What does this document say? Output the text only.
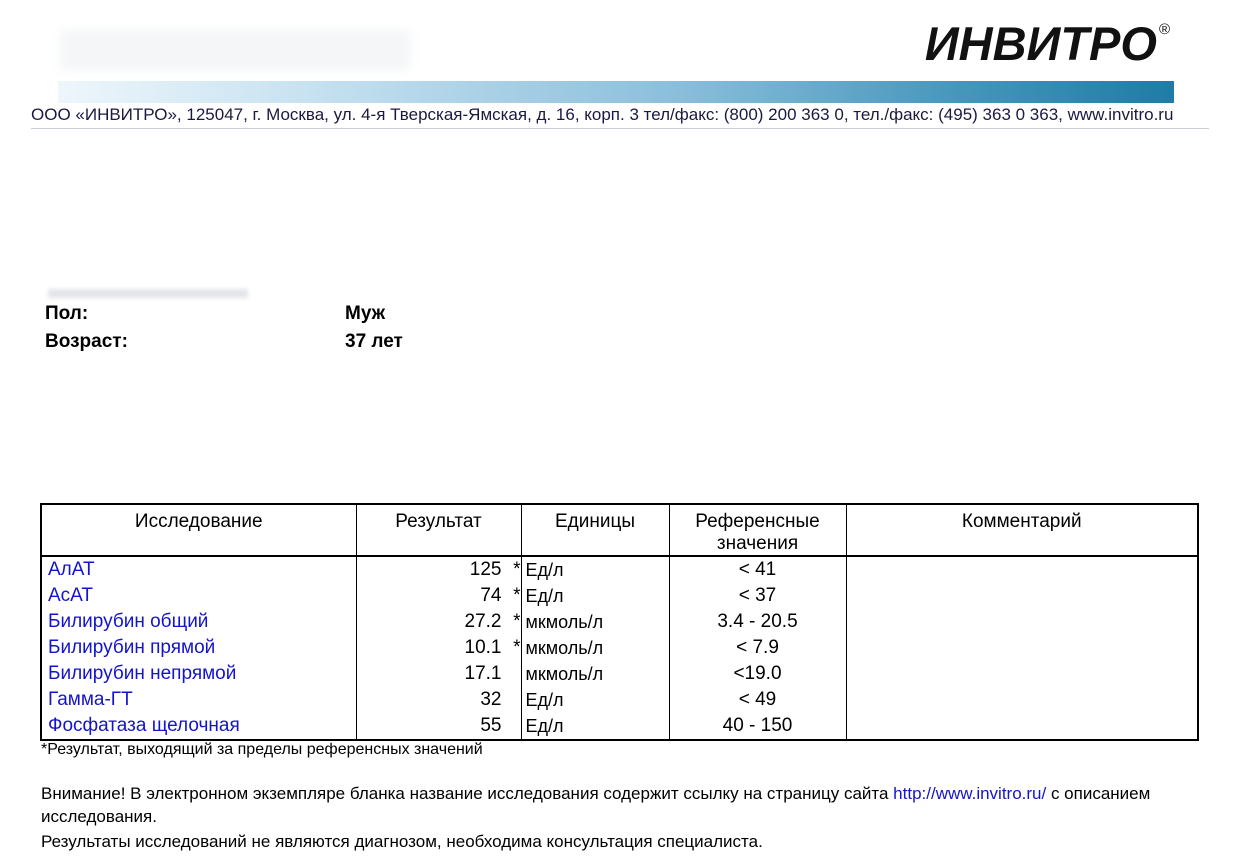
ИНВИТРО ®
ООО «ИНВИТРО», 125047, г. Москва, ул. 4-я Тверская-Ямская, д. 16, корп. 3 тел/факс: (800) 200 363 0, тел./факс: (495) 363 0 363, www.invitro.ru
Пол:	Муж
Возраст:	37 лет
Исследование	Результат	Единицы	Референсные значения	Комментарий
АлАТ	125 *	Ед/л	< 41	
АсАТ	74 *	Ед/л	< 37	
Билирубин общий	27.2 *	мкмоль/л	3.4 - 20.5	
Билирубин прямой	10.1 *	мкмоль/л	< 7.9	
Билирубин непрямой	17.1	мкмоль/л	<19.0	
Гамма-ГТ	32	Ед/л	< 49	
Фосфатаза щелочная	55	Ед/л	40 - 150	
*Результат, выходящий за пределы референсных значений
Внимание! В электронном экземпляре бланка название исследования содержит ссылку на страницу сайта http://www.invitro.ru/ с описанием исследования.
Результаты исследований не являются диагнозом, необходима консультация специалиста.
